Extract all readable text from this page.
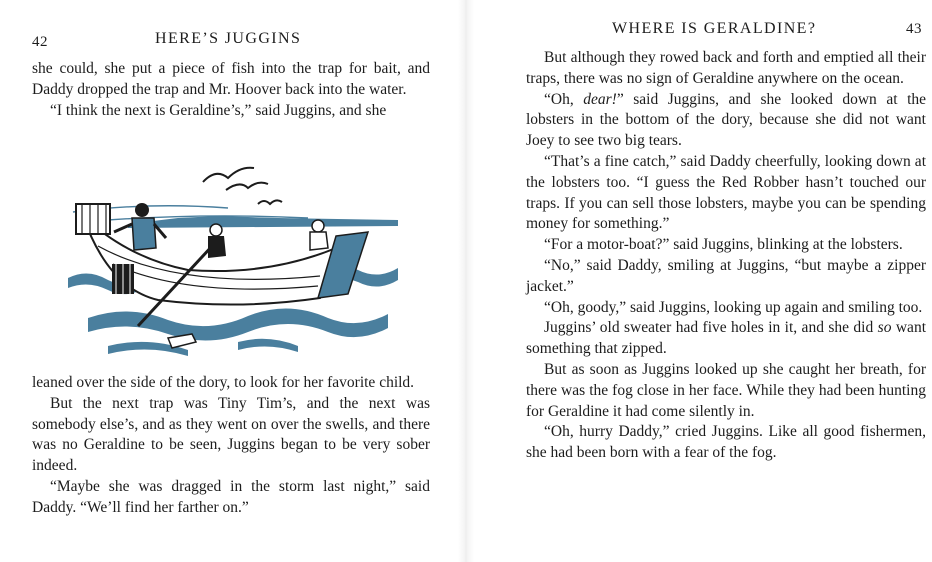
42	HERE’S JUGGINS

she could, she put a piece of fish into the trap for bait, and Daddy dropped the trap and Mr. Hoover back into the water.

“I think the next is Geraldine’s,” said Juggins, and she

leaned over the side of the dory, to look for her favorite child.

But the next trap was Tiny Tim’s, and the next was somebody else’s, and as they went on over the swells, and there was no Geraldine to be seen, Juggins began to be very sober indeed.

“Maybe she was dragged in the storm last night,” said Daddy. “We’ll find her farther on.”

WHERE IS GERALDINE?	43

But although they rowed back and forth and emptied all their traps, there was no sign of Geraldine anywhere on the ocean.

“Oh, dear!” said Juggins, and she looked down at the lobsters in the bottom of the dory, because she did not want Joey to see two big tears.

“That’s a fine catch,” said Daddy cheerfully, looking down at the lobsters too. “I guess the Red Robber hasn’t touched our traps. If you can sell those lobsters, maybe you can be spending money for something.”

“For a motor-boat?” said Juggins, blinking at the lobsters.

“No,” said Daddy, smiling at Juggins, “but maybe a zipper jacket.”

“Oh, goody,” said Juggins, looking up again and smiling too.

Juggins’ old sweater had five holes in it, and she did so want something that zipped.

But as soon as Juggins looked up she caught her breath, for there was the fog close in her face. While they had been hunting for Geraldine it had come silently in.

“Oh, hurry Daddy,” cried Juggins. Like all good fishermen, she had been born with a fear of the fog.
